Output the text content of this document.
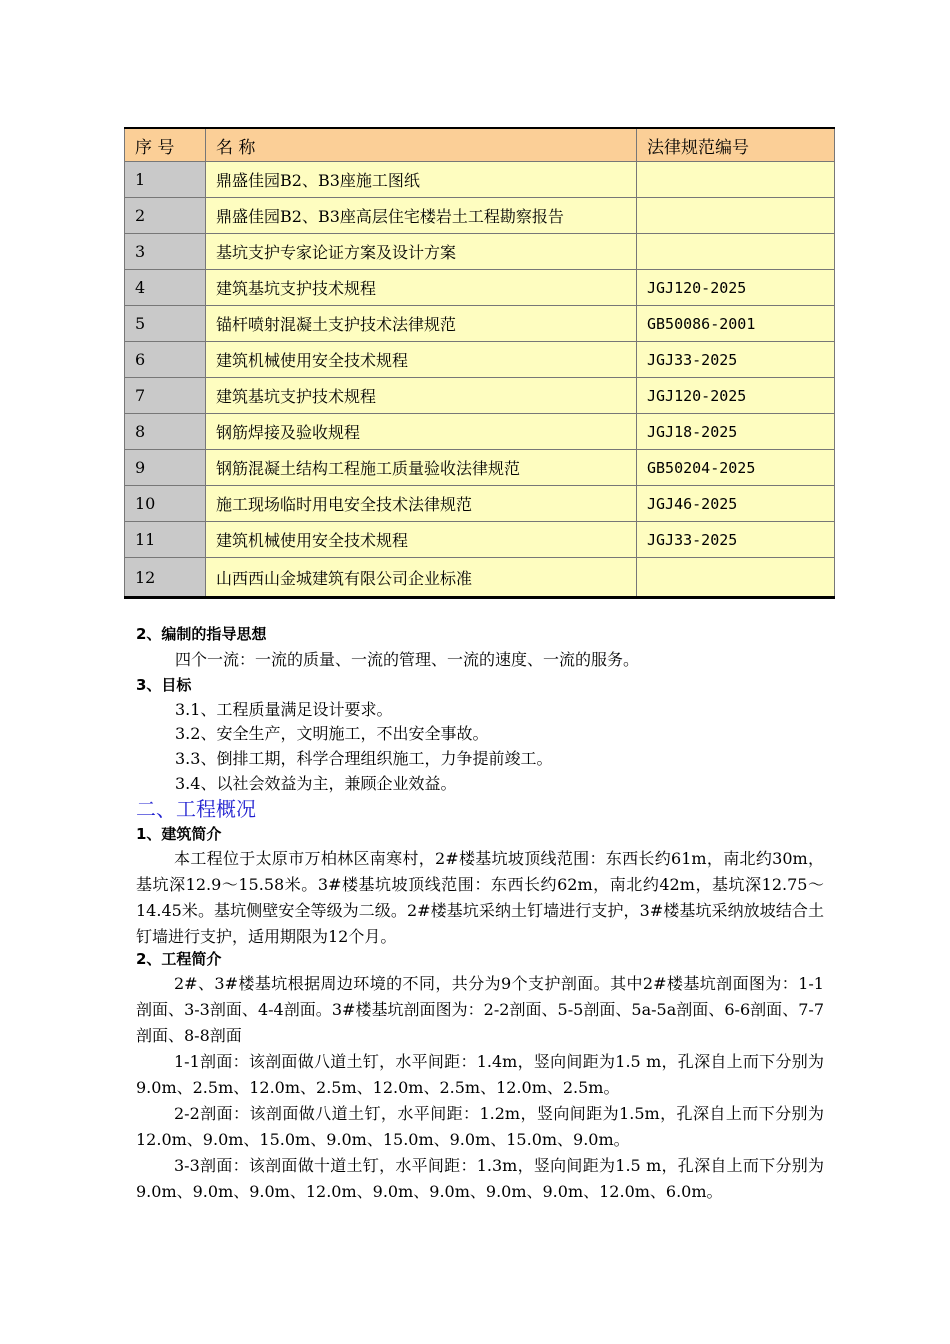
序 号	名 称	法律规范编号
1	鼎盛佳园B2、B3座施工图纸	
2	鼎盛佳园B2、B3座高层住宅楼岩土工程勘察报告	
3	基坑支护专家论证方案及设计方案	
4	建筑基坑支护技术规程	JGJ120-2025
5	锚杆喷射混凝土支护技术法律规范	GB50086-2001
6	建筑机械使用安全技术规程	JGJ33-2025
7	建筑基坑支护技术规程	JGJ120-2025
8	钢筋焊接及验收规程	JGJ18-2025
9	钢筋混凝土结构工程施工质量验收法律规范	GB50204-2025
10	施工现场临时用电安全技术法律规范	JGJ46-2025
11	建筑机械使用安全技术规程	JGJ33-2025
12	山西西山金城建筑有限公司企业标准	
2、编制的指导思想
四个一流：一流的质量、一流的管理、一流的速度、一流的服务。
3、目标
3.1、工程质量满足设计要求。
3.2、安全生产，文明施工，不出安全事故。
3.3、倒排工期，科学合理组织施工，力争提前竣工。
3.4、以社会效益为主，兼顾企业效益。
二、工程概况
1、建筑简介

本工程位于太原市万柏林区南寒村，2#楼基坑坡顶线范围：东西长约61m，南北约30m，基坑深12.9～15.58米。3#楼基坑坡顶线范围：东西长约62m，南北约42m，基坑深12.75～14.45米。基坑侧壁安全等级为二级。2#楼基坑采纳土钉墙进行支护，3#楼基坑采纳放坡结合土钉墙进行支护，适用期限为12个月。

2、工程简介

2#、3#楼基坑根据周边环境的不同，共分为9个支护剖面。其中2#楼基坑剖面图为：1-1剖面、3-3剖面、4-4剖面。3#楼基坑剖面图为：2-2剖面、5-5剖面、5a-5a剖面、6-6剖面、7-7剖面、8-8剖面

1-1剖面：该剖面做八道土钉，水平间距：1.4m，竖向间距为1.5 m，孔深自上而下分别为9.0m、2.5m、12.0m、2.5m、12.0m、2.5m、12.0m、2.5m。

2-2剖面：该剖面做八道土钉，水平间距：1.2m，竖向间距为1.5m，孔深自上而下分别为12.0m、9.0m、15.0m、9.0m、15.0m、9.0m、15.0m、9.0m。

3-3剖面：该剖面做十道土钉，水平间距：1.3m，竖向间距为1.5 m，孔深自上而下分别为

9.0m、9.0m、9.0m、12.0m、9.0m、9.0m、9.0m、9.0m、12.0m、6.0m。
